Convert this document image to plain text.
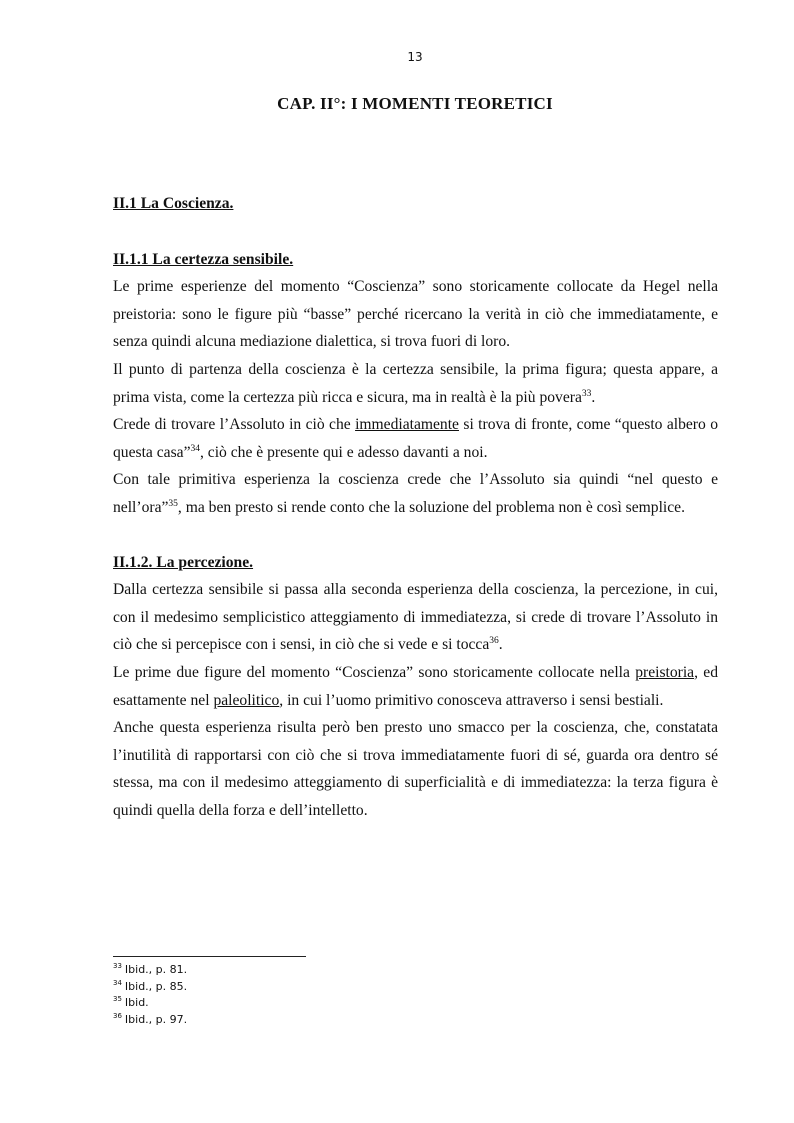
13
CAP. II°: I MOMENTI TEORETICI

II.1 La Coscienza.

II.1.1 La certezza sensibile.

Le prime esperienze del momento “Coscienza” sono storicamente collocate da Hegel nella preistoria: sono le figure più “basse” perché ricercano la verità in ciò che immediatamente, e senza quindi alcuna mediazione dialettica, si trova fuori di loro.

Il punto di partenza della coscienza è la certezza sensibile, la prima figura; questa appare, a prima vista, come la certezza più ricca e sicura, ma in realtà è la più povera$^{33}$.

Crede di trovare l’Assoluto in ciò che immediatamente si trova di fronte, come “questo albero o questa casa”$^{34}$, ciò che è presente qui e adesso davanti a noi.

Con tale primitiva esperienza la coscienza crede che l’Assoluto sia quindi “nel questo e nell’ora”$^{35}$, ma ben presto si rende conto che la soluzione del problema non è così semplice.

II.1.2. La percezione.

Dalla certezza sensibile si passa alla seconda esperienza della coscienza, la percezione, in cui, con il medesimo semplicistico atteggiamento di immediatezza, si crede di trovare l’Assoluto in ciò che si percepisce con i sensi, in ciò che si vede e si tocca$^{36}$.

Le prime due figure del momento “Coscienza” sono storicamente collocate nella preistoria, ed esattamente nel paleolitico, in cui l’uomo primitivo conosceva attraverso i sensi bestiali.

Anche questa esperienza risulta però ben presto uno smacco per la coscienza, che, constatata l’inutilità di rapportarsi con ciò che si trova immediatamente fuori di sé, guarda ora dentro sé stessa, ma con il medesimo atteggiamento di superficialità e di immediatezza: la terza figura è quindi quella della forza e dell’intelletto.

$^{33}$ Ibid., p. 81.
$^{34}$ Ibid., p. 85.
$^{35}$ Ibid.
$^{36}$ Ibid., p. 97.
